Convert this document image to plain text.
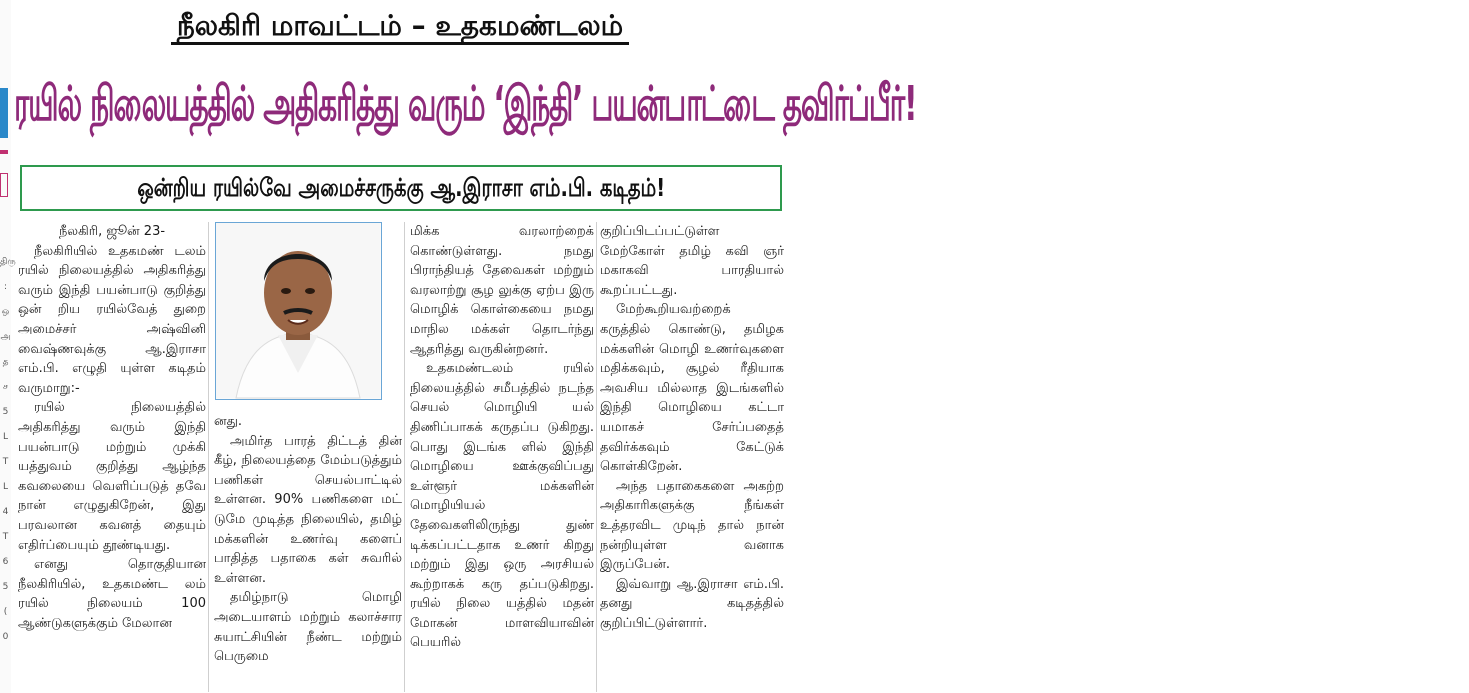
திரு : ஒ அ த ச 5 L T L 4 T 6 5 ( 0
நீலகிரி மாவட்டம் – உதகமண்டலம்
ரயில் நிலையத்தில் அதிகரித்து வரும் ‘இந்தி’ பயன்பாட்டை தவிர்ப்பீர்!
ஒன்றிய ரயில்வே அமைச்சருக்கு ஆ.இராசா எம்.பி. கடிதம்!

நீலகிரி, ஜூன் 23-

நீலகிரியில் உதகமண் டலம் ரயில் நிலையத்தில் அதிகரித்து வரும் இந்தி பயன்பாடு குறித்து ஒன் றிய ரயில்வேத் துறை அமைச்சர் அஷ்வினி வைஷ்ணவுக்கு ஆ.இராசா எம்.பி. எழுதி யுள்ள கடிதம் வருமாறு:-

ரயில் நிலையத்தில் அதிகரித்து வரும் இந்தி பயன்பாடு மற்றும் முக்கி யத்துவம் குறித்து ஆழ்ந்த கவலையை வெளிப்படுத் தவே நான் எழுதுகிறேன், இது பரவலான கவனத் தையும் எதிர்ப்பையும் தூண்டியது.

எனது தொகுதியான நீலகிரியில், உதகமண்ட லம் ரயில் நிலையம் 100 ஆண்டுகளுக்கும் மேலான

னது.

அமிர்த பாரத் திட்டத் தின் கீழ், நிலையத்தை மேம்படுத்தும் பணிகள் செயல்பாட்டில் உள்ளன. 90% பணிகளை மட் டுமே முடித்த நிலையில், தமிழ் மக்களின் உணர்வு களைப் பாதித்த பதாகை கள் சுவரில் உள்ளன.

தமிழ்நாடு மொழி அடையாளம் மற்றும் கலாச்சார சுயாட்சியின் நீண்ட மற்றும் பெருமை

மிக்க வரலாற்றைக் கொண்டுள்ளது. நமது பிராந்தியத் தேவைகள் மற்றும் வரலாற்று சூழ லுக்கு ஏற்ப இரு மொழிக் கொள்கையை நமது மாநில மக்கள் தொடர்ந்து ஆதரித்து வருகின்றனர்.

உதகமண்டலம் ரயில் நிலையத்தில் சமீபத்தில் நடந்த செயல் மொழியி யல் திணிப்பாகக் கருதப்ப டுகிறது. பொது இடங்க ளில் இந்தி மொழியை ஊக்குவிப்பது உள்ளூர் மக்களின் மொழியியல் தேவைகளிலிருந்து துண் டிக்கப்பட்டதாக உணர் கிறது மற்றும் இது ஒரு அரசியல் கூற்றாகக் கரு தப்படுகிறது. ரயில் நிலை யத்தில் மதன் மோகன் மாளவியாவின் பெயரில்

குறிப்பிடப்பட்டுள்ள மேற்கோள் தமிழ் கவி ஞர் மகாகவி பாரதியால் கூறப்பட்டது.

மேற்கூறியவற்றைக் கருத்தில் கொண்டு, தமிழக மக்களின் மொழி உணர்வுகளை மதிக்கவும், சூழல் ரீதியாக அவசிய மில்லாத இடங்களில் இந்தி மொழியை கட்டா யமாகச் சேர்ப்பதைத் தவிர்க்கவும் கேட்டுக் கொள்கிறேன்.

அந்த பதாகைகளை அகற்ற அதிகாரிகளுக்கு நீங்கள் உத்தரவிட முடிந் தால் நான் நன்றியுள்ள வனாக இருப்பேன்.

இவ்வாறு ஆ.இராசா எம்.பி. தனது கடிதத்தில் குறிப்பிட்டுள்ளார்.
